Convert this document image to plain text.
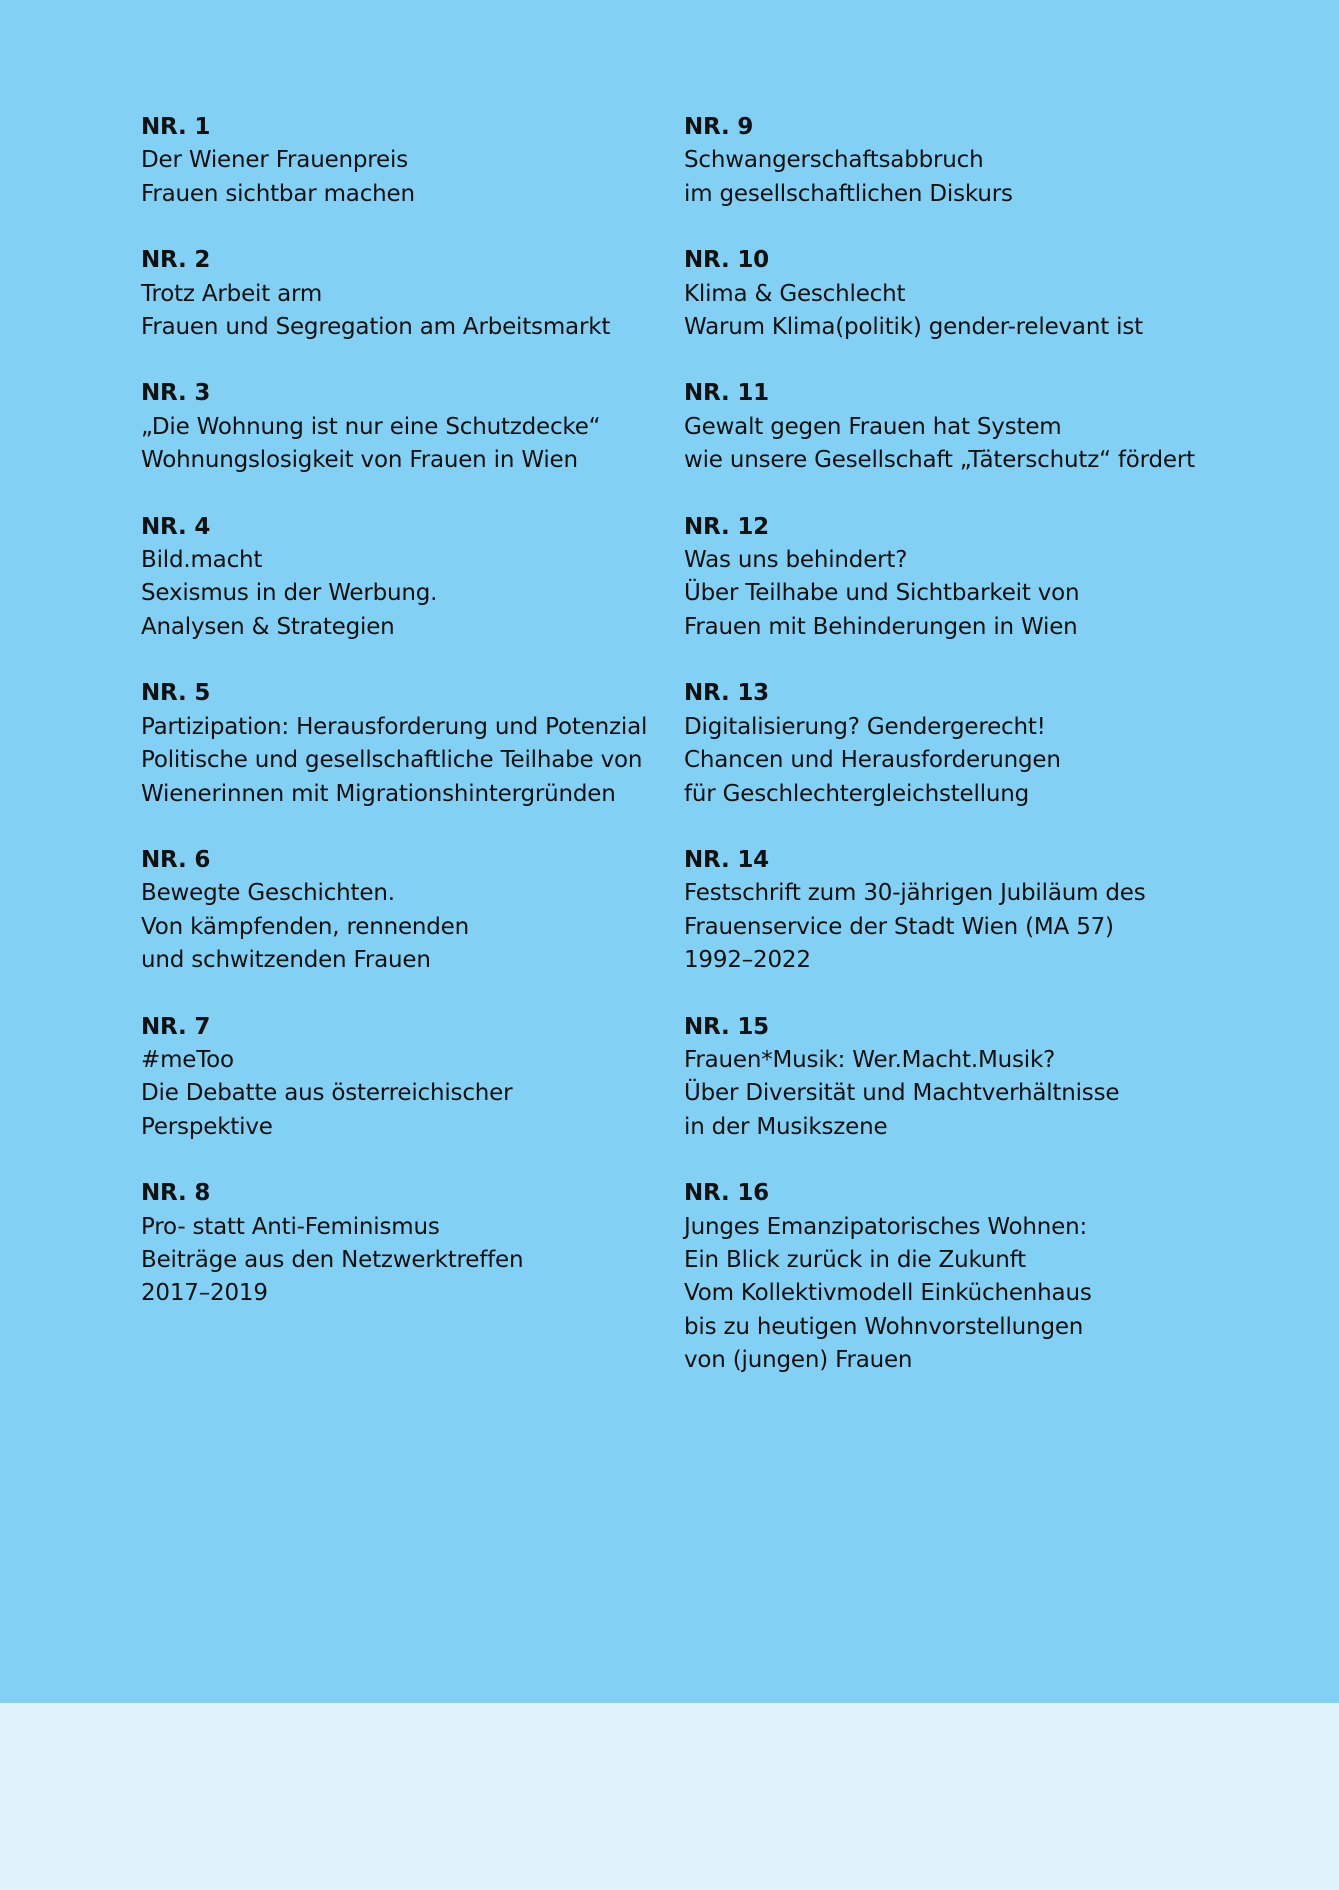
NR. 1
Der Wiener Frauenpreis
Frauen sichtbar machen
NR. 2
Trotz Arbeit arm
Frauen und Segregation am Arbeitsmarkt
NR. 3
„Die Wohnung ist nur eine Schutzdecke“
Wohnungslosigkeit von Frauen in Wien
NR. 4
Bild.macht
Sexismus in der Werbung.
Analysen & Strategien
NR. 5
Partizipation: Herausforderung und Potenzial
Politische und gesellschaftliche Teilhabe von
Wienerinnen mit Migrationshintergründen
NR. 6
Bewegte Geschichten.
Von kämpfenden, rennenden
und schwitzenden Frauen
NR. 7
#meToo
Die Debatte aus österreichischer
Perspektive
NR. 8
Pro- statt Anti-Feminismus
Beiträge aus den Netzwerktreffen
2017–2019
NR. 9
Schwangerschaftsabbruch
im gesellschaftlichen Diskurs
NR. 10
Klima & Geschlecht
Warum Klima(politik) gender-relevant ist
NR. 11
Gewalt gegen Frauen hat System
wie unsere Gesellschaft „Täterschutz“ fördert
NR. 12
Was uns behindert?
Über Teilhabe und Sichtbarkeit von
Frauen mit Behinderungen in Wien
NR. 13
Digitalisierung? Gendergerecht!
Chancen und Herausforderungen
für Geschlechtergleichstellung
NR. 14
Festschrift zum 30-jährigen Jubiläum des
Frauenservice der Stadt Wien (MA 57)
1992–2022
NR. 15
Frauen*Musik: Wer.Macht.Musik?
Über Diversität und Machtverhältnisse
in der Musikszene
NR. 16
Junges Emanzipatorisches Wohnen:
Ein Blick zurück in die Zukunft
Vom Kollektivmodell Einküchenhaus
bis zu heutigen Wohnvorstellungen
von (jungen) Frauen
